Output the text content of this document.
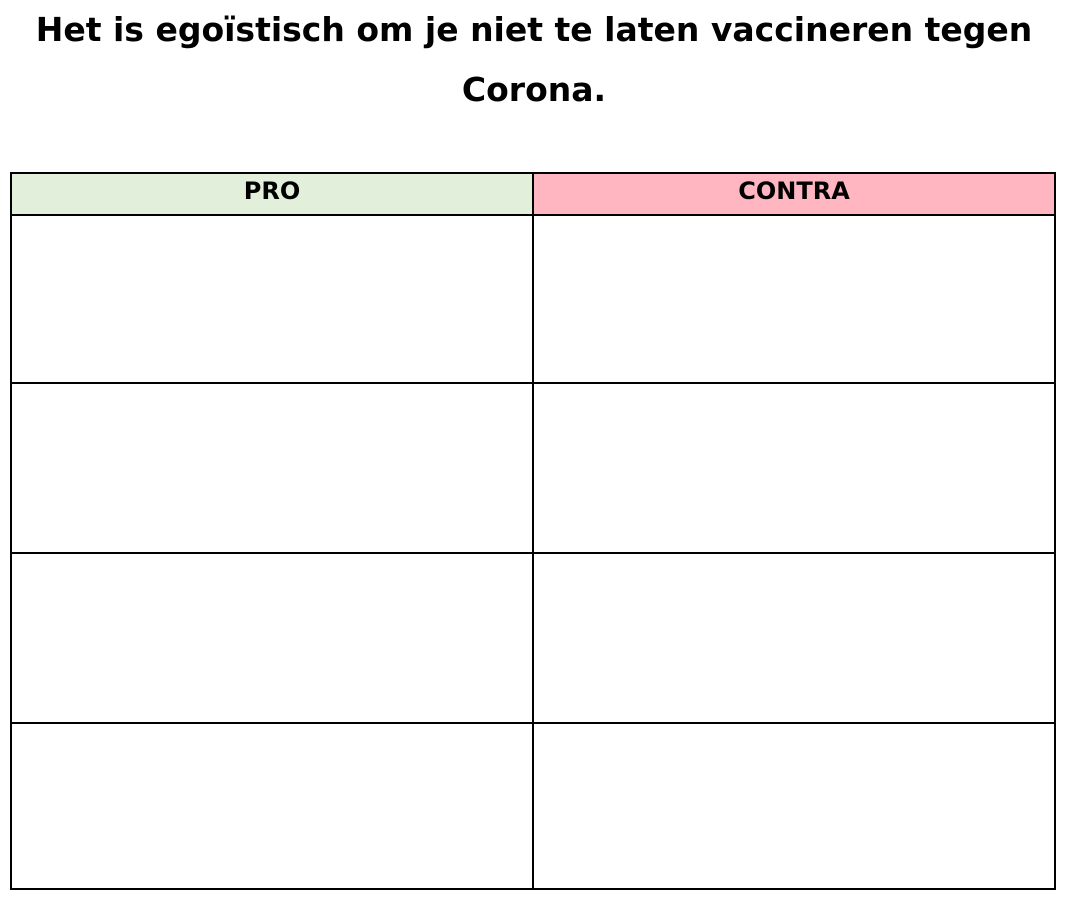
Het is egoïstisch om je niet te laten vaccineren tegen
Corona.
PRO	CONTRA
